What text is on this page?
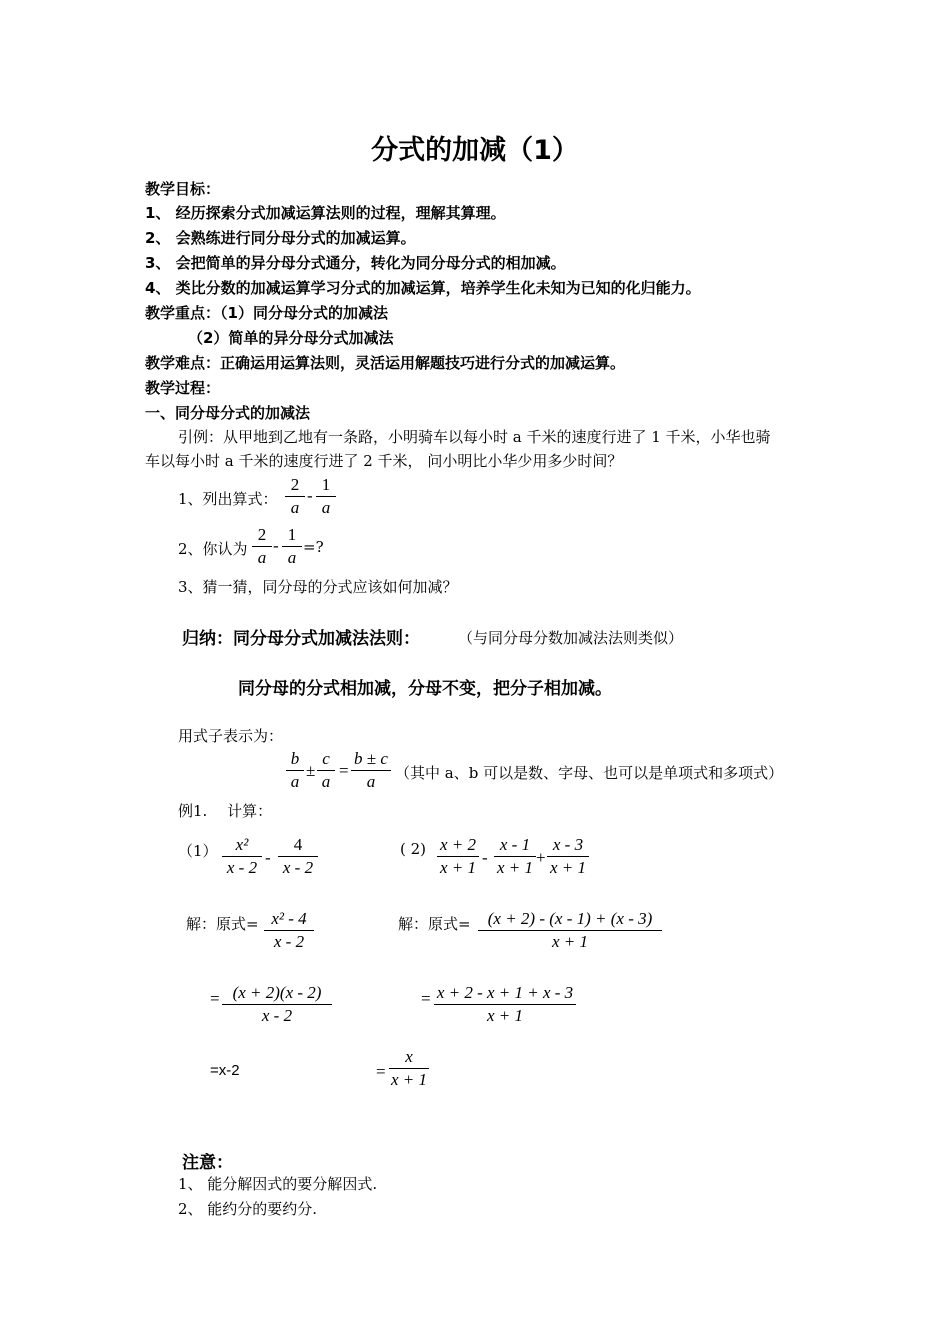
分式的加减（1）
教学目标：
1、 经历探索分式加减运算法则的过程，理解其算理。
2、 会熟练进行同分母分式的加减运算。
3、 会把简单的异分母分式通分，转化为同分母分式的相加减。
4、 类比分数的加减运算学习分式的加减运算，培养学生化未知为已知的化归能力。
教学重点：（1）同分母分式的加减法
（2）简单的异分母分式加减法
教学难点：正确运用运算法则，灵活运用解题技巧进行分式的加减运算。
教学过程：
一、同分母分式的加减法
引例：从甲地到乙地有一条路，小明骑车以每小时 a 千米的速度行进了 1 千米，小华也骑
车以每小时 a 千米的速度行进了 2 千米， 问小明比小华少用多少时间？
1、列出算式： $\frac{2}{a} - \frac{1}{a}$
2、你认为 $\frac{2}{a} - \frac{1}{a}$ =?
3、猜一猜，同分母的分式应该如何加减？
归纳：同分母分式加减法法则：	（与同分母分数加减法法则类似）
同分母的分式相加减，分母不变，把分子相加减。
用式子表示为：
$\frac{b}{a} \pm \frac{c}{a} = \frac{b \pm c}{a}$ （其中 a、b 可以是数、字母、也可以是单项式和多项式）
例1.　 计算：
$(1) \frac{\text{x²}}{x - 2} - \frac{4}{x - 2}$	( $2) \frac{x + 2}{x + 1} - \frac{x - 1}{x + 1} + \frac{x - 3}{x + 1}$
解：原式= $\frac{\text{x² - 4}}{x - 2}$
= $\frac{(x + 2)(x - 2)}{x - 2}$
=x-2
解：原式= $\frac{(x + 2) - (x - 1) + (x - 3)}{x + 1}$
= $\frac{x + 2 - x + 1 + x - 3}{x + 1}$
= $\frac{x}{x + 1}$
注意：
1、 能分解因式的要分解因式.
2、 能约分的要约分.
